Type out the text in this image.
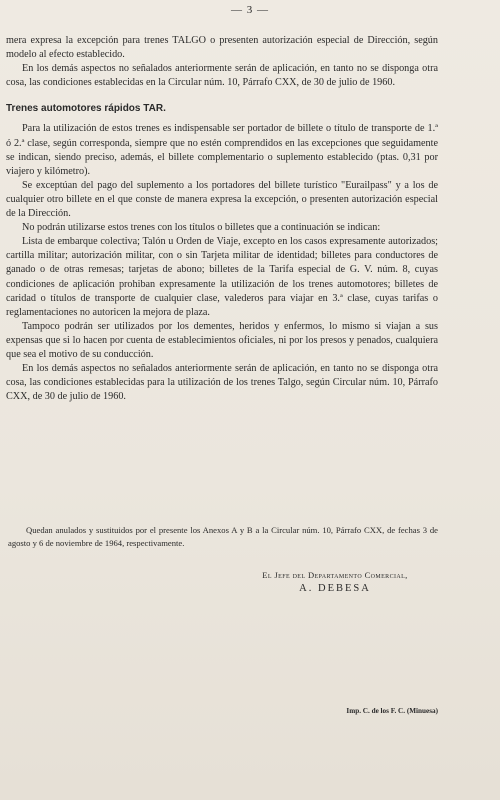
— 3 —

mera expresa la excepción para trenes TALGO o presenten autorización especial de Dirección, según modelo al efecto establecido.

En los demás aspectos no señalados anteriormente serán de aplicación, en tanto no se disponga otra cosa, las condiciones establecidas en la Circular núm. 10, Párrafo CXX, de 30 de julio de 1960.

Trenes automotores rápidos TAR.

Para la utilización de estos trenes es indispensable ser portador de billete o título de transporte de 1.ª ó 2.ª clase, según corresponda, siempre que no estén comprendidos en las excepciones que seguidamente se indican, siendo preciso, además, el billete complementario o suplemento establecido (ptas. 0,31 por viajero y kilómetro).

Se exceptúan del pago del suplemento a los portadores del billete turístico "Eurailpass" y a los de cualquier otro billete en el que conste de manera expresa la excepción, o presenten autorización especial de la Dirección.

No podrán utilizarse estos trenes con los títulos o billetes que a continuación se indican:

Lista de embarque colectiva; Talón u Orden de Viaje, excepto en los casos expresamente autorizados; cartilla militar; autorización militar, con o sin Tarjeta militar de identidad; billetes para conductores de ganado o de otras remesas; tarjetas de abono; billetes de la Tarifa especial de G. V. núm. 8, cuyas condiciones de aplicación prohiban expresamente la utilización de los trenes automotores; billetes de caridad o títulos de transporte de cualquier clase, valederos para viajar en 3.ª clase, cuyas tarifas o reglamentaciones no autoricen la mejora de plaza.

Tampoco podrán ser utilizados por los dementes, heridos y enfermos, lo mismo si viajan a sus expensas que si lo hacen por cuenta de establecimientos oficiales, ni por los presos y penados, cualquiera que sea el motivo de su conducción.

En los demás aspectos no señalados anteriormente serán de aplicación, en tanto no se disponga otra cosa, las condiciones establecidas para la utilización de los trenes Talgo, según Circular núm. 10, Párrafo CXX, de 30 de julio de 1960.

Quedan anulados y sustituidos por el presente los Anexos A y B a la Circular núm. 10, Párrafo CXX, de fechas 3 de agosto y 6 de noviembre de 1964, respectivamente.

El Jefe del Departamento Comercial,
A. DEBESA
Imp. C. de los F. C. (Minuesa)
